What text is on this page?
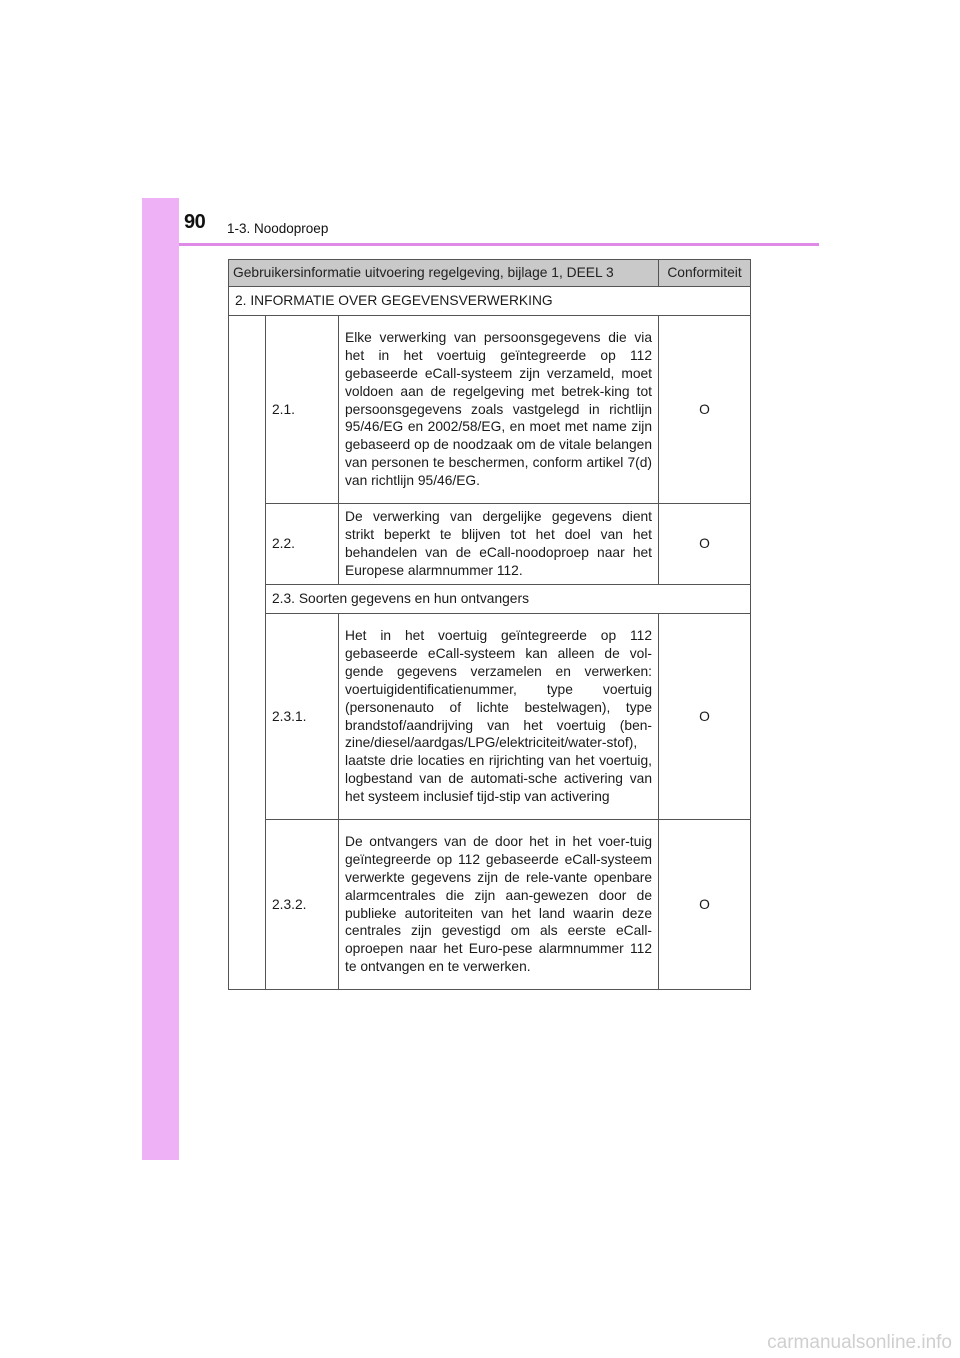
90 1-3. Noodoproep
Gebruikersinformatie uitvoering regelgeving, bijlage 1, DEEL 3			Conformiteit
2. INFORMATIE OVER GEGEVENSVERWERKING			
	2.1.	Elke verwerking van persoonsgegevens die via het in het voertuig geïntegreerde op 112 gebaseerde eCall-systeem zijn verzameld, moet voldoen aan de regelgeving met betrek-king tot persoonsgegevens zoals vastgelegd in richtlijn 95/46/EG en 2002/58/EG, en moet met name zijn gebaseerd op de noodzaak om de vitale belangen van personen te beschermen, conform artikel 7(d) van richtlijn 95/46/EG.	O
	2.2.	De verwerking van dergelijke gegevens dient strikt beperkt te blijven tot het doel van het behandelen van de eCall-noodoproep naar het Europese alarmnummer 112.	O
	2.3. Soorten gegevens en hun ontvangers		
	2.3.1.	Het in het voertuig geïntegreerde op 112 gebaseerde eCall-systeem kan alleen de vol-gende gegevens verzamelen en verwerken: voertuigidentificatienummer, type voertuig (personenauto of lichte bestelwagen), type brandstof/aandrijving van het voertuig (ben-zine/diesel/aardgas/LPG/elektriciteit/water-stof), laatste drie locaties en rijrichting van het voertuig, logbestand van de automati-sche activering van het systeem inclusief tijd-stip van activering	O
	2.3.2.	De ontvangers van de door het in het voer-tuig geïntegreerde op 112 gebaseerde eCall-systeem verwerkte gegevens zijn de rele-vante openbare alarmcentrales die zijn aan-gewezen door de publieke autoriteiten van het land waarin deze centrales zijn gevestigd om als eerste eCall-oproepen naar het Euro-pese alarmnummer 112 te ontvangen en te verwerken.	O
carmanualsonline.info
